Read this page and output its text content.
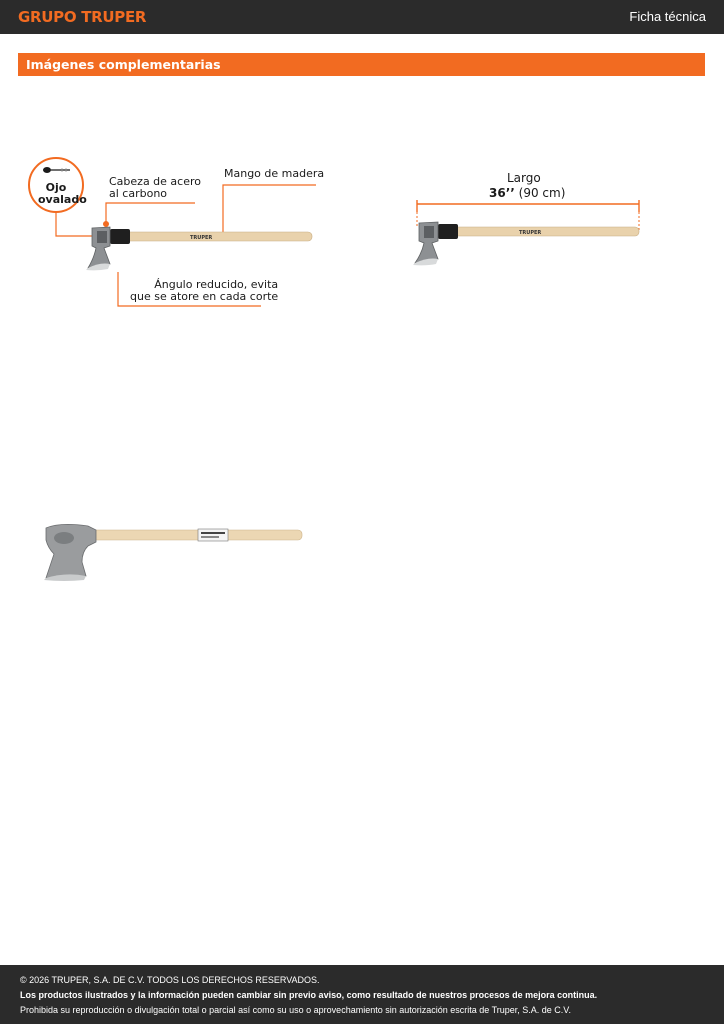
GRUPO TRUPER	Ficha técnica
Imágenes complementarias
TRUPER
Ojo
ovalado
Cabeza de acero
al carbono
Mango de madera
Ángulo reducido, evita
que se atore en cada corte
Largo
36’’ (90 cm)
TRUPER

© 2026 TRUPER, S.A. DE C.V. TODOS LOS DERECHOS RESERVADOS.

Los productos ilustrados y la información pueden cambiar sin previo aviso, como resultado de nuestros procesos de mejora continua.

Prohibida su reproducción o divulgación total o parcial así como su uso o aprovechamiento sin autorización escrita de Truper, S.A. de C.V.
